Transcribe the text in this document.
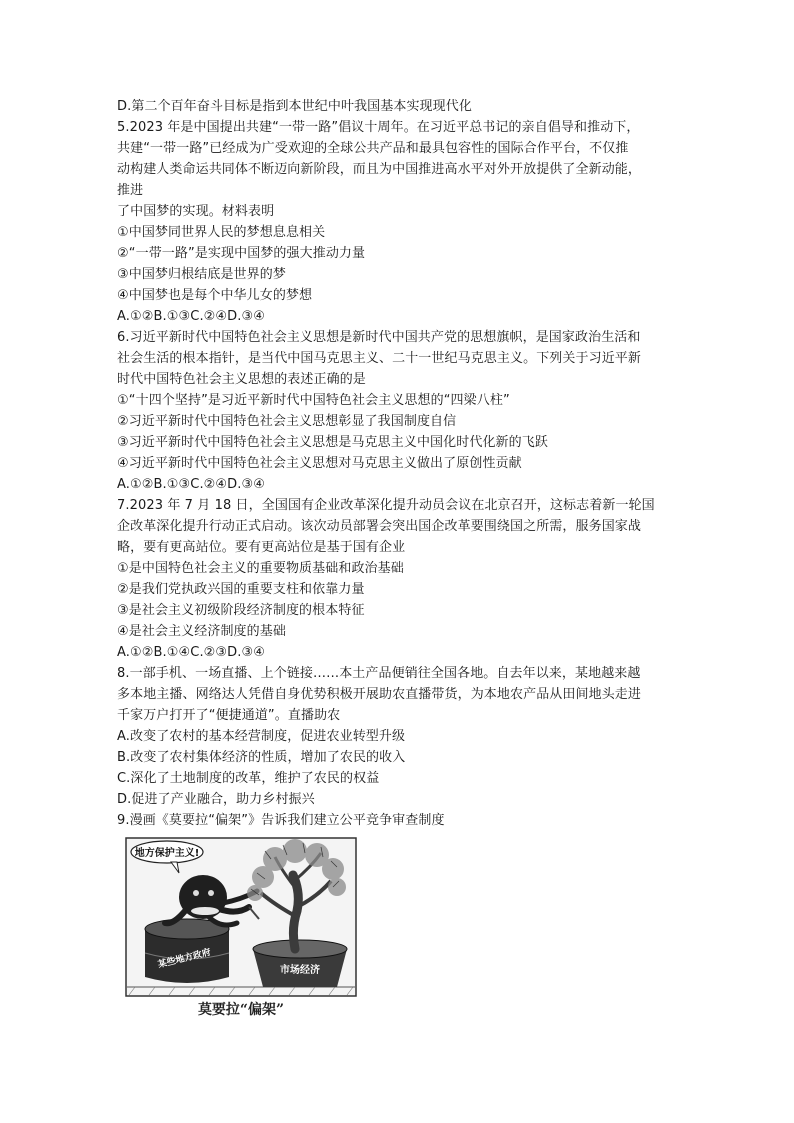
D.第二个百年奋斗目标是指到本世纪中叶我国基本实现现代化
5.2023 年是中国提出共建“一带一路”倡议十周年。在习近平总书记的亲自倡导和推动下，
共建“一带一路”已经成为广受欢迎的全球公共产品和最具包容性的国际合作平台，不仅推
动构建人类命运共同体不断迈向新阶段，而且为中国推进高水平对外开放提供了全新动能，
推进
了中国梦的实现。材料表明
①中国梦同世界人民的梦想息息相关
②“一带一路”是实现中国梦的强大推动力量
③中国梦归根结底是世界的梦
④中国梦也是每个中华儿女的梦想
A.①②B.①③C.②④D.③④
6.习近平新时代中国特色社会主义思想是新时代中国共产党的思想旗帜，是国家政治生活和
社会生活的根本指针，是当代中国马克思主义、二十一世纪马克思主义。下列关于习近平新
时代中国特色社会主义思想的表述正确的是
①“十四个坚持”是习近平新时代中国特色社会主义思想的“四梁八柱”
②习近平新时代中国特色社会主义思想彰显了我国制度自信
③习近平新时代中国特色社会主义思想是马克思主义中国化时代化新的飞跃
④习近平新时代中国特色社会主义思想对马克思主义做出了原创性贡献
A.①②B.①③C.②④D.③④
7.2023 年 7 月 18 日，全国国有企业改革深化提升动员会议在北京召开，这标志着新一轮国
企改革深化提升行动正式启动。该次动员部署会突出国企改革要围绕国之所需，服务国家战
略，要有更高站位。要有更高站位是基于国有企业
①是中国特色社会主义的重要物质基础和政治基础
②是我们党执政兴国的重要支柱和依靠力量
③是社会主义初级阶段经济制度的根本特征
④是社会主义经济制度的基础
A.①②B.①④C.②③D.③④
8.一部手机、一场直播、上个链接……本土产品便销往全国各地。自去年以来，某地越来越
多本地主播、网络达人凭借自身优势积极开展助农直播带货，为本地农产品从田间地头走进
千家万户打开了“便捷通道”。直播助农
A.改变了农村的基本经营制度，促进农业转型升级
B.改变了农村集体经济的性质，增加了农民的收入
C.深化了土地制度的改革，维护了农民的权益
D.促进了产业融合，助力乡村振兴
9.漫画《莫要拉“偏架”》告诉我们建立公平竞争审查制度
地方保护主义!
某些地方政府
市场经济
莫要拉“偏架”
